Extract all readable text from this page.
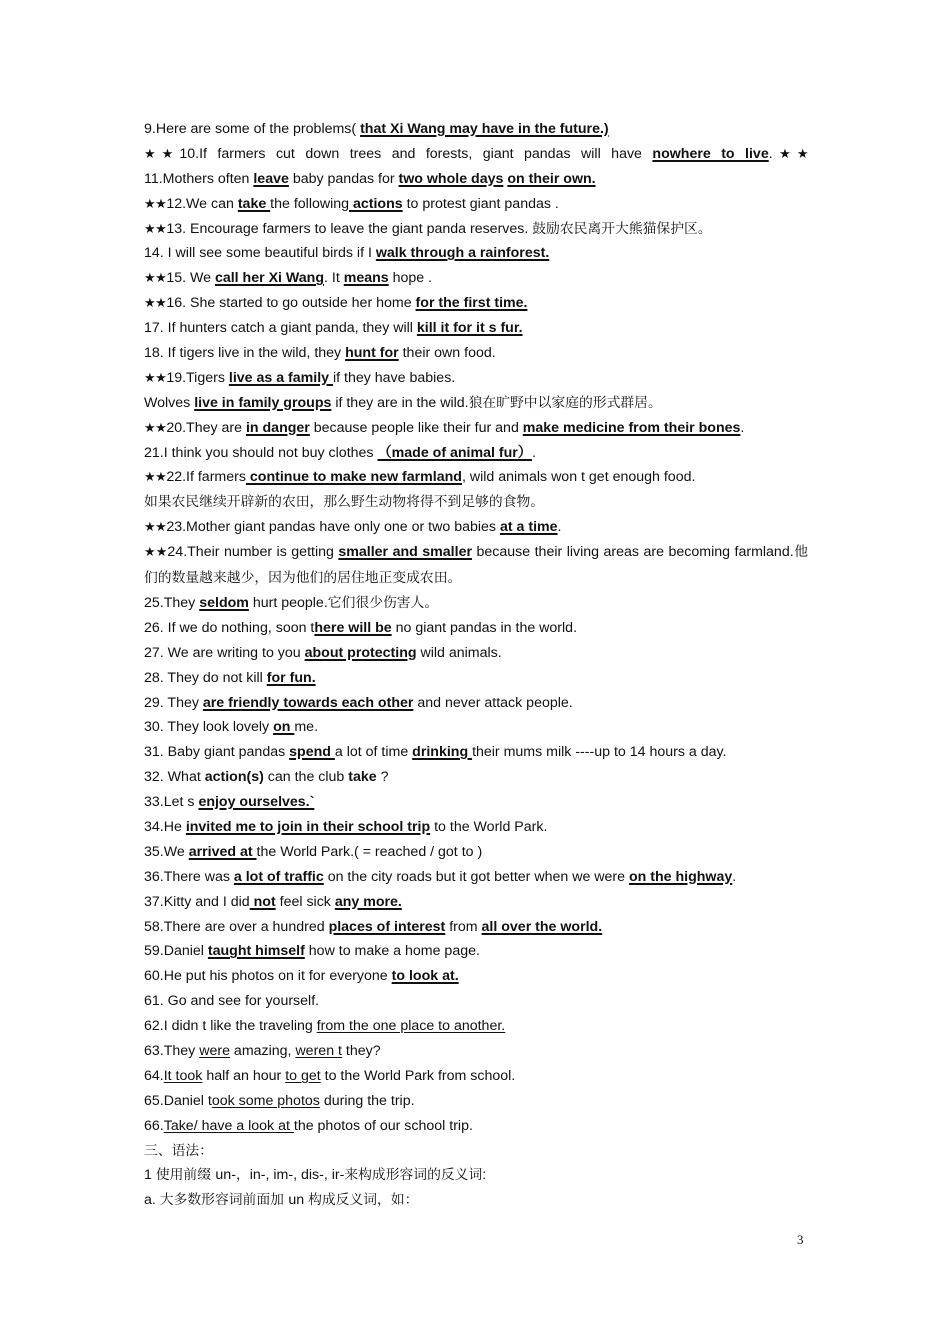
9.Here are some of the problems( that Xi Wang may have in the future.)
★★10.If farmers cut down trees and forests, giant pandas will have nowhere to live.★★
11.Mothers often leave baby pandas for two whole days on their own.
★★12.We can take the following actions to protest giant pandas .
★★13. Encourage farmers to leave the giant panda reserves. 鼓励农民离开大熊猫保护区。
14. I will see some beautiful birds if I walk through a rainforest.
★★15. We call her Xi Wang. It means hope .
★★16. She started to go outside her home for the first time.
17. If hunters catch a giant panda, they will kill it for it s fur.
18. If tigers live in the wild, they hunt for their own food.
★★19.Tigers live as a family if they have babies.
Wolves live in family groups if they are in the wild.狼在旷野中以家庭的形式群居。
★★20.They are in danger because people like their fur and make medicine from their bones.
21.I think you should not buy clothes （made of animal fur）.
★★22.If farmers continue to make new farmland, wild animals won t get enough food.
如果农民继续开辟新的农田，那么野生动物将得不到足够的食物。
★★23.Mother giant pandas have only one or two babies at a time.
★★24.Their number is getting smaller and smaller because their living areas are becoming farmland.他们的数量越来越少，因为他们的居住地正变成农田。
25.They seldom hurt people.它们很少伤害人。
26. If we do nothing, soon there will be no giant pandas in the world.
27. We are writing to you about protecting wild animals.
28. They do not kill for fun.
29. They are friendly towards each other and never attack people.
30. They look lovely on me.
31. Baby giant pandas spend a lot of time drinking their mums milk ----up to 14 hours a day.
32. What action(s) can the club take ?
33.Let s enjoy ourselves.`
34.He invited me to join in their school trip to the World Park.
35.We arrived at the World Park.( = reached / got to )
36.There was a lot of traffic on the city roads but it got better when we were on the highway.
37.Kitty and I did not feel sick any more.
58.There are over a hundred places of interest from all over the world.
59.Daniel taught himself how to make a home page.
60.He put his photos on it for everyone to look at.
61. Go and see for yourself.
62.I didn t like the traveling from the one place to another.
63.They were amazing, weren t they?
64.It took half an hour to get to the World Park from school.
65.Daniel took some photos during the trip.
66.Take/ have a look at the photos of our school trip.
三、语法：
1 使用前缀 un-，in-, im-, dis-, ir-来构成形容词的反义词:
a. 大多数形容词前面加 un 构成反义词，如：
3
